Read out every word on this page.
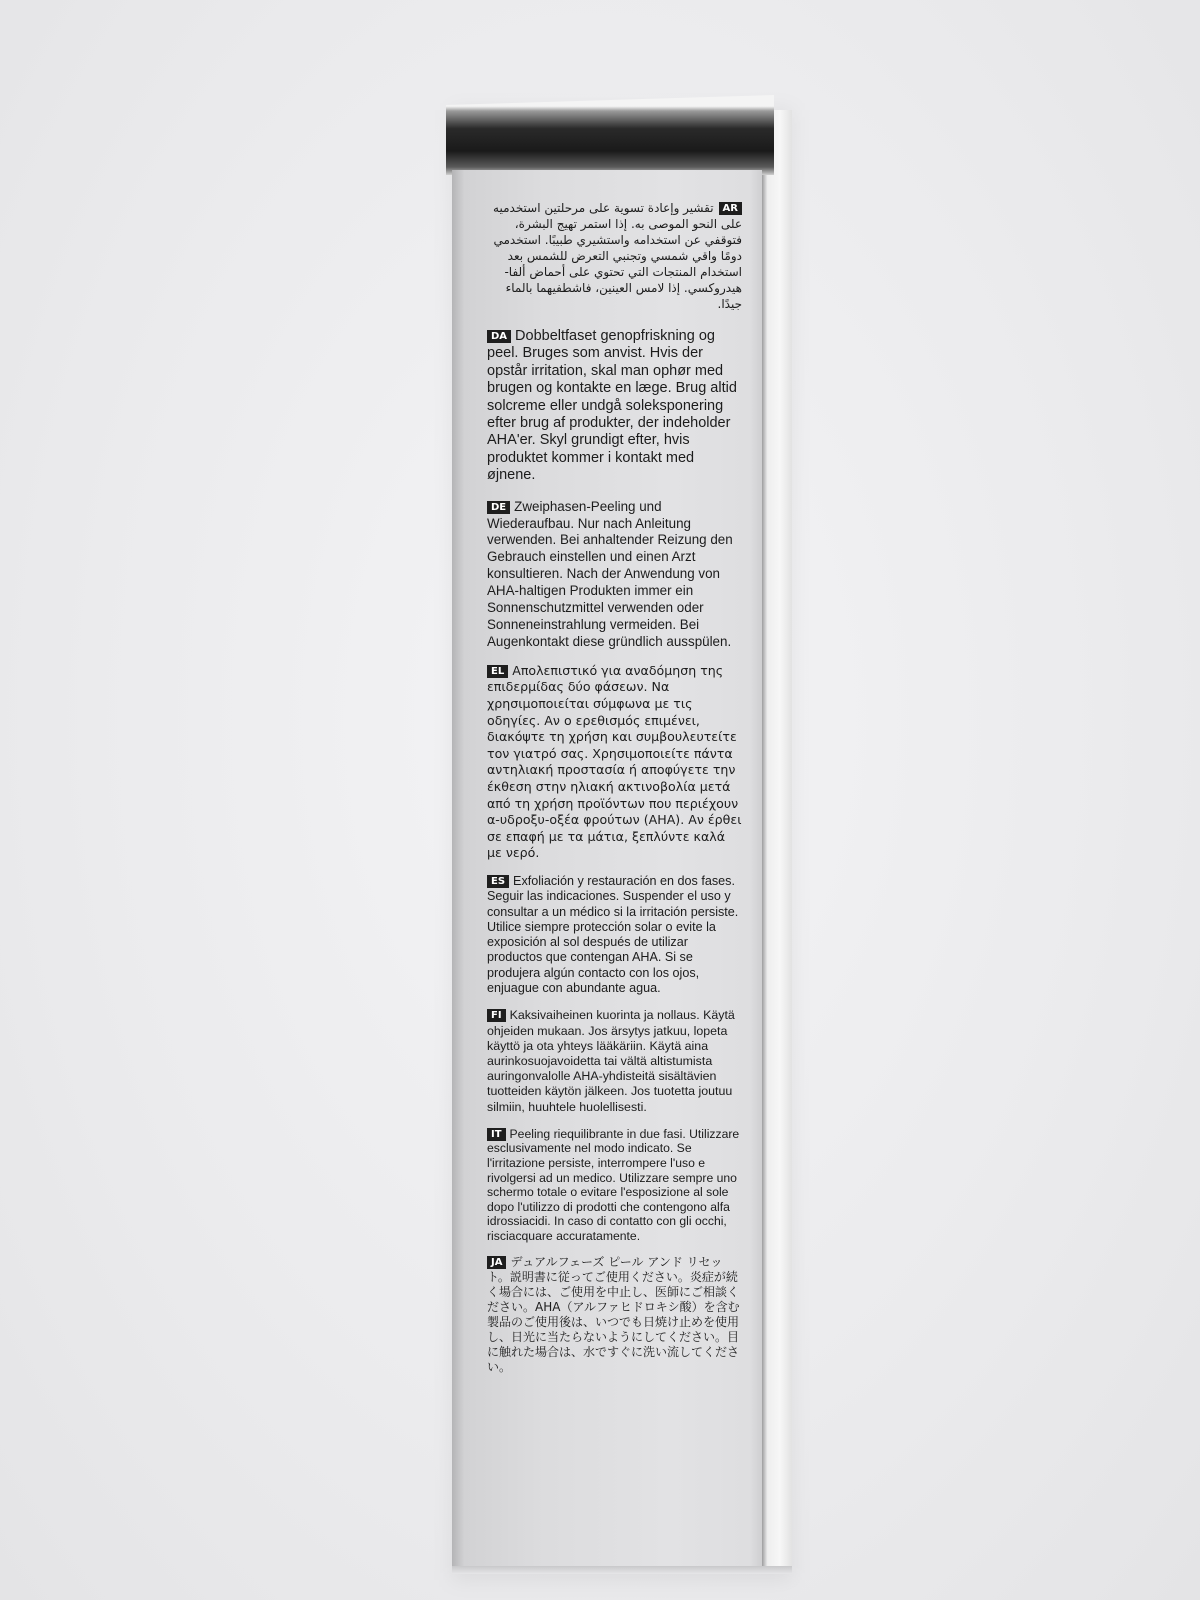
ARتقشير وإعادة تسوية على مرحلتين استخدميه على النحو الموصى به. إذا استمر تهيج البشرة، فتوقفي عن استخدامه واستشيري طبيبًا. استخدمي دومًا واقي شمسي وتجنبي التعرض للشمس بعد استخدام المنتجات التي تحتوي على أحماض ألفا-هيدروكسي. إذا لامس العينين، فاشطفيهما بالماء جيدًا.
DA Dobbeltfaset genopfriskning og peel. Bruges som anvist. Hvis der opstår irritation, skal man ophør med brugen og kontakte en læge. Brug altid solcreme eller undgå soleksponering efter brug af produkter, der indeholder AHA'er. Skyl grundigt efter, hvis produktet kommer i kontakt med øjnene.
DE Zweiphasen-Peeling und Wiederaufbau. Nur nach Anleitung verwenden. Bei anhaltender Reizung den Gebrauch einstellen und einen Arzt konsultieren. Nach der Anwendung von AHA-haltigen Produkten immer ein Sonnenschutzmittel verwenden oder Sonneneinstrahlung vermeiden. Bei Augenkontakt diese gründlich ausspülen.
EL Απολεπιστικό για αναδόμηση της επιδερμίδας δύο φάσεων. Να χρησιμοποιείται σύμφωνα με τις οδηγίες. Αν ο ερεθισμός επιμένει, διακόψτε τη χρήση και συμβουλευτείτε τον γιατρό σας. Χρησιμοποιείτε πάντα αντηλιακή προστασία ή αποφύγετε την έκθεση στην ηλιακή ακτινοβολία μετά από τη χρήση προϊόντων που περιέχουν α-υδροξυ-οξέα φρούτων (AHA). Αν έρθει σε επαφή με τα μάτια, ξεπλύντε καλά με νερό.
ES Exfoliación y restauración en dos fases. Seguir las indicaciones. Suspender el uso y consultar a un médico si la irritación persiste. Utilice siempre protección solar o evite la exposición al sol después de utilizar productos que contengan AHA. Si se produjera algún contacto con los ojos, enjuague con abundante agua.
FI Kaksivaiheinen kuorinta ja nollaus. Käytä ohjeiden mukaan. Jos ärsytys jatkuu, lopeta käyttö ja ota yhteys lääkäriin. Käytä aina aurinkosuojavoidetta tai vältä altistumista auringonvalolle AHA-yhdisteitä sisältävien tuotteiden käytön jälkeen. Jos tuotetta joutuu silmiin, huuhtele huolellisesti.
IT Peeling riequilibrante in due fasi. Utilizzare esclusivamente nel modo indicato. Se l'irritazione persiste, interrompere l'uso e rivolgersi ad un medico. Utilizzare sempre uno schermo totale o evitare l'esposizione al sole dopo l'utilizzo di prodotti che contengono alfa idrossiacidi. In caso di contatto con gli occhi, risciacquare accuratamente.
JA デュアルフェーズ ピール アンド リセット。説明書に従ってご使用ください。炎症が続く場合には、ご使用を中止し、医師にご相談ください。AHA（アルファヒドロキシ酸）を含む製品のご使用後は、いつでも日焼け止めを使用し、日光に当たらないようにしてください。目に触れた場合は、水ですぐに洗い流してください。
